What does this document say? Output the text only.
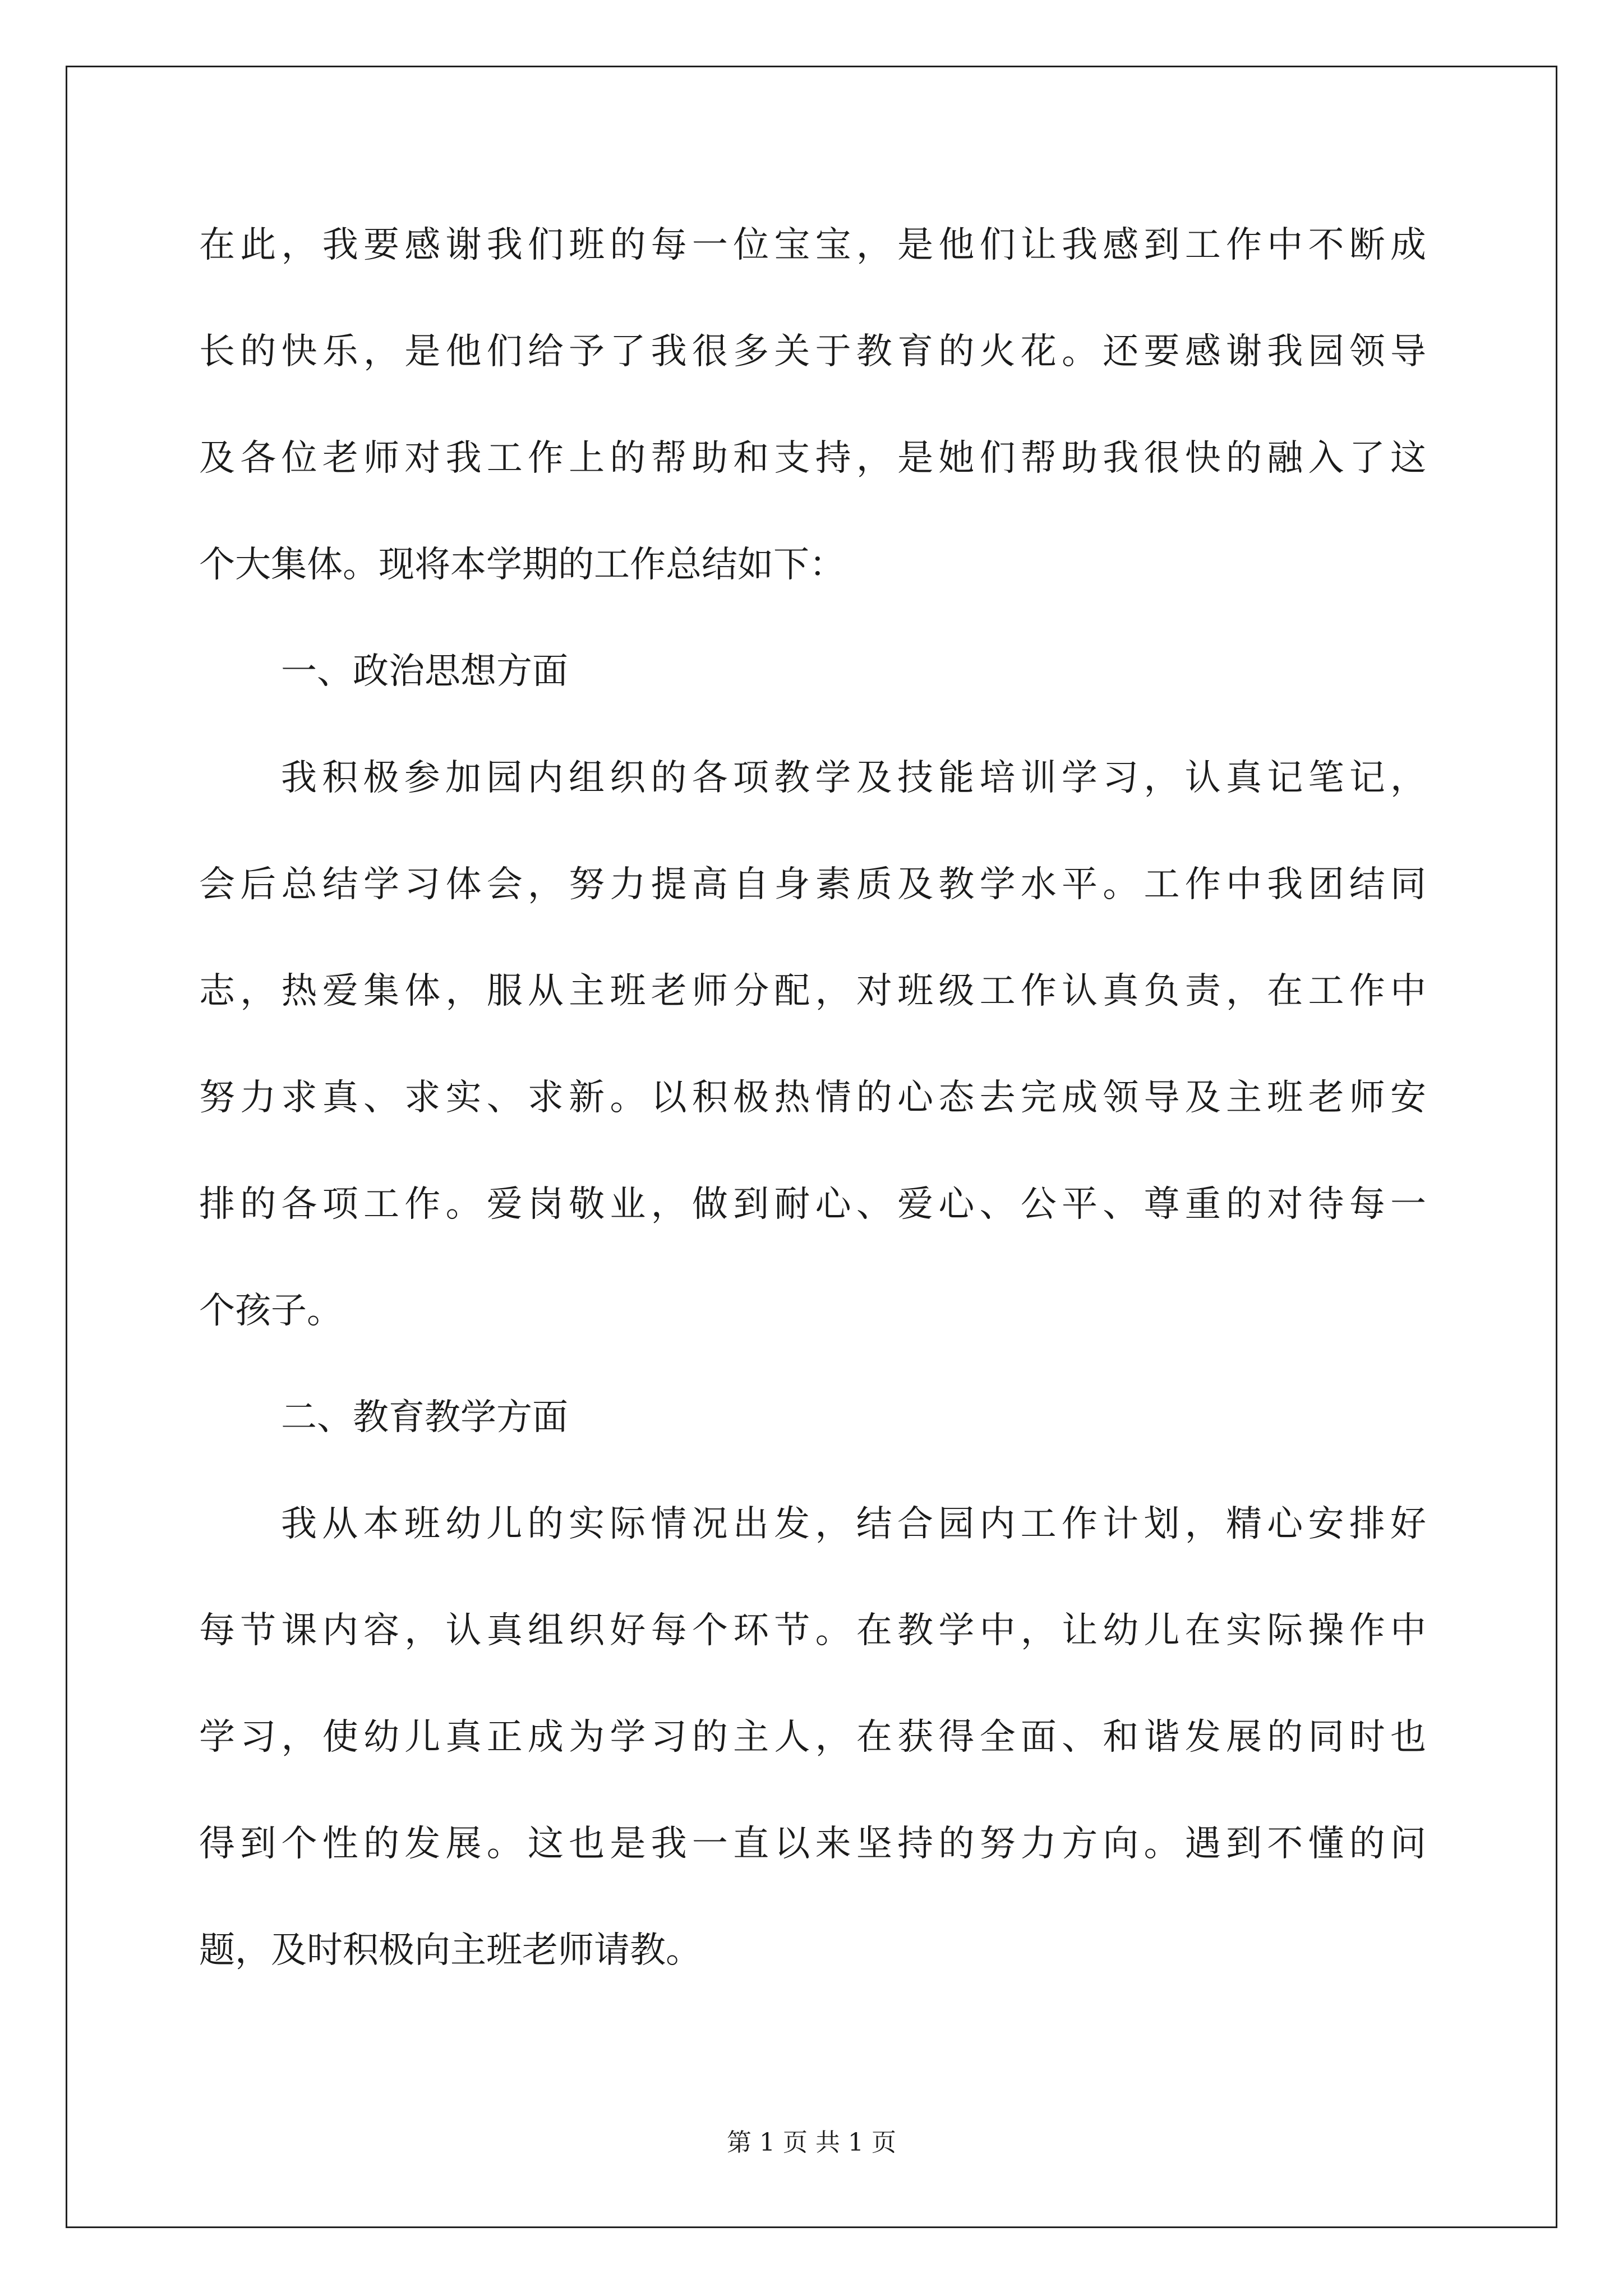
在此，我要感谢我们班的每一位宝宝，是他们让我感到工作中不断成
长的快乐，是他们给予了我很多关于教育的火花。还要感谢我园领导
及各位老师对我工作上的帮助和支持，是她们帮助我很快的融入了这
个大集体。现将本学期的工作总结如下：
一、政治思想方面
我积极参加园内组织的各项教学及技能培训学习，认真记笔记，
会后总结学习体会，努力提高自身素质及教学水平。工作中我团结同
志，热爱集体，服从主班老师分配，对班级工作认真负责，在工作中
努力求真、求实、求新。以积极热情的心态去完成领导及主班老师安
排的各项工作。爱岗敬业，做到耐心、爱心、公平、尊重的对待每一
个孩子。
二、教育教学方面
我从本班幼儿的实际情况出发，结合园内工作计划，精心安排好
每节课内容，认真组织好每个环节。在教学中，让幼儿在实际操作中
学习，使幼儿真正成为学习的主人，在获得全面、和谐发展的同时也
得到个性的发展。这也是我一直以来坚持的努力方向。遇到不懂的问
题，及时积极向主班老师请教。
第 1 页 共 1 页
